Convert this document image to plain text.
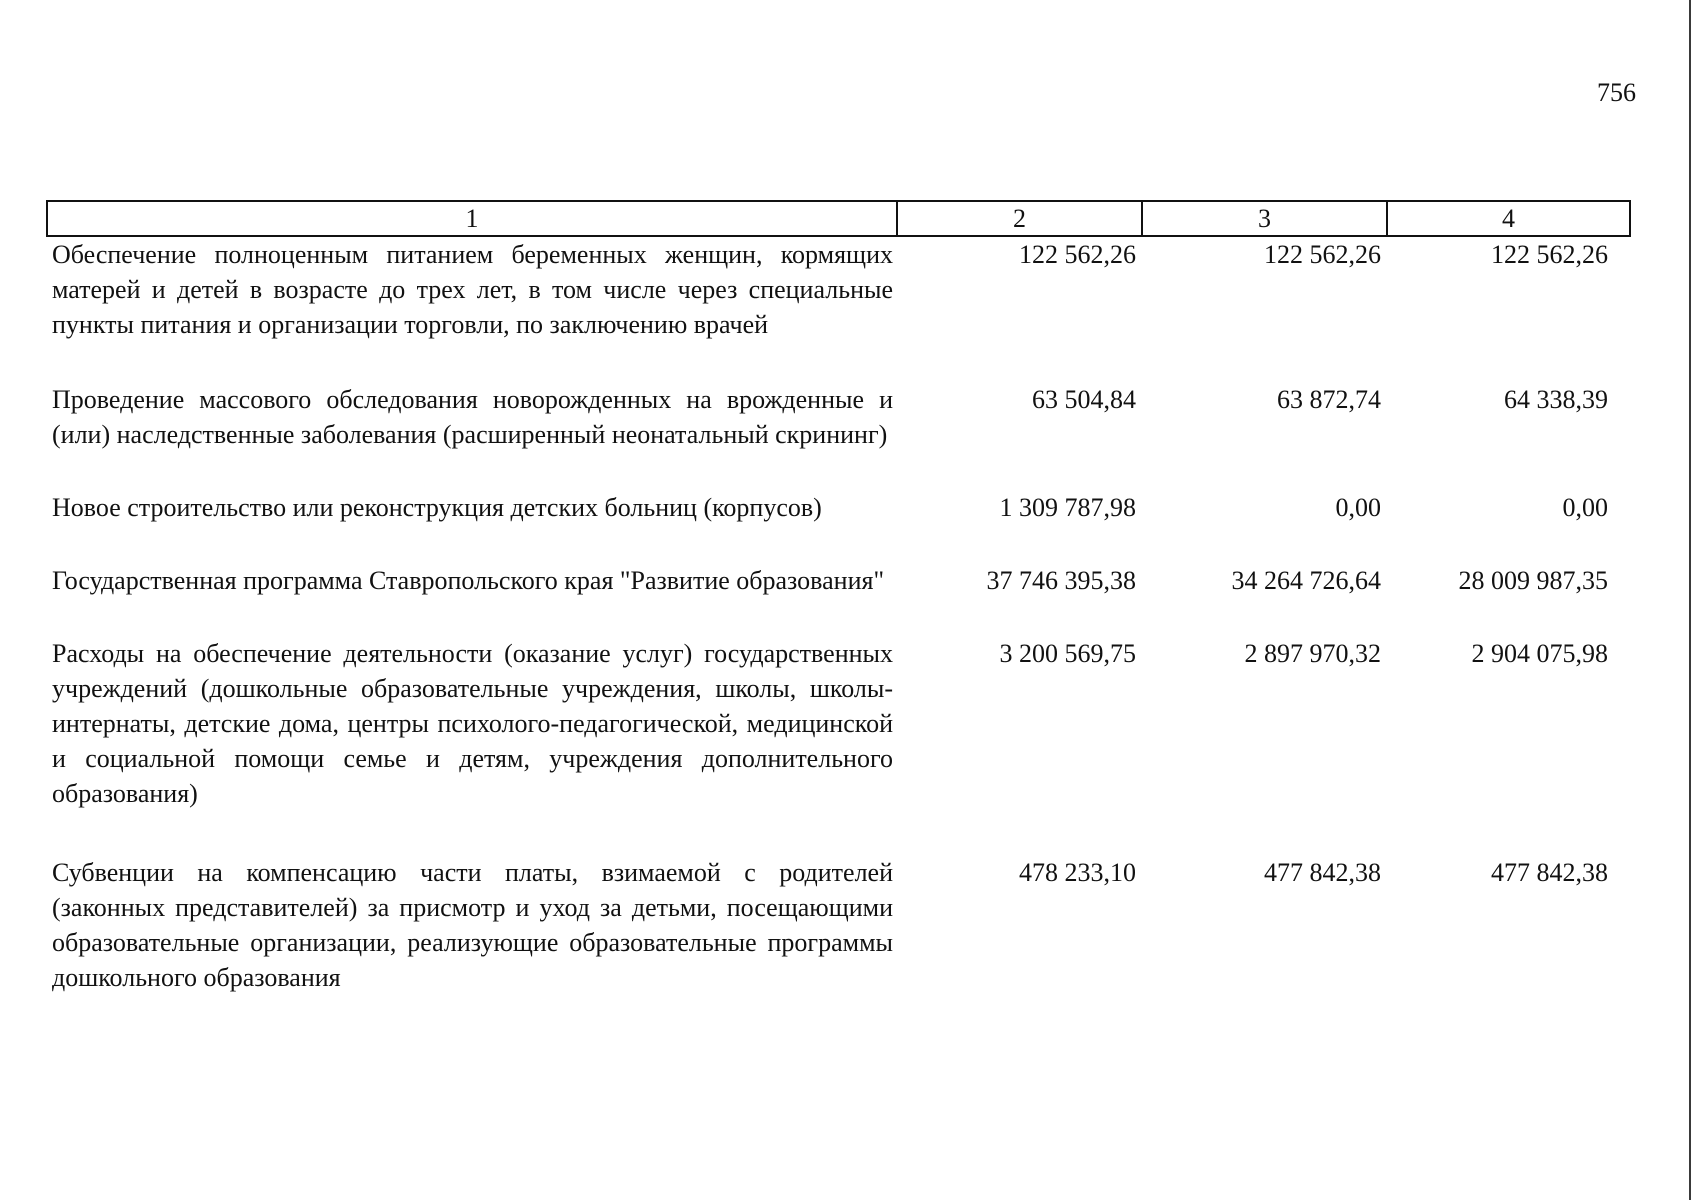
756
1	2	3	4
Обеспечение полноценным питанием беременных женщин, кормящих матерей и детей в возрасте до трех лет, в том числе через специальные пункты питания и организации торговли, по заключению врачей	122 562,26	122 562,26	122 562,26
Проведение массового обследования новорожденных на врожденные и (или) наследственные заболевания (расширенный неонатальный скрининг)	63 504,84	63 872,74	64 338,39
Новое строительство или реконструкция детских больниц (корпусов)	1 309 787,98	0,00	0,00
Государственная программа Ставропольского края "Развитие образования"	37 746 395,38	34 264 726,64	28 009 987,35
Расходы на обеспечение деятельности (оказание услуг) государственных учреждений (дошкольные образовательные учреждения, школы, школы-интернаты, детские дома, центры психолого-педагогической, медицинской и социальной помощи семье и детям, учреждения дополнительного образования)	3 200 569,75	2 897 970,32	2 904 075,98
Субвенции на компенсацию части платы, взимаемой с родителей (законных представителей) за присмотр и уход за детьми, посещающими образовательные организации, реализующие образовательные программы дошкольного образования	478 233,10	477 842,38	477 842,38
